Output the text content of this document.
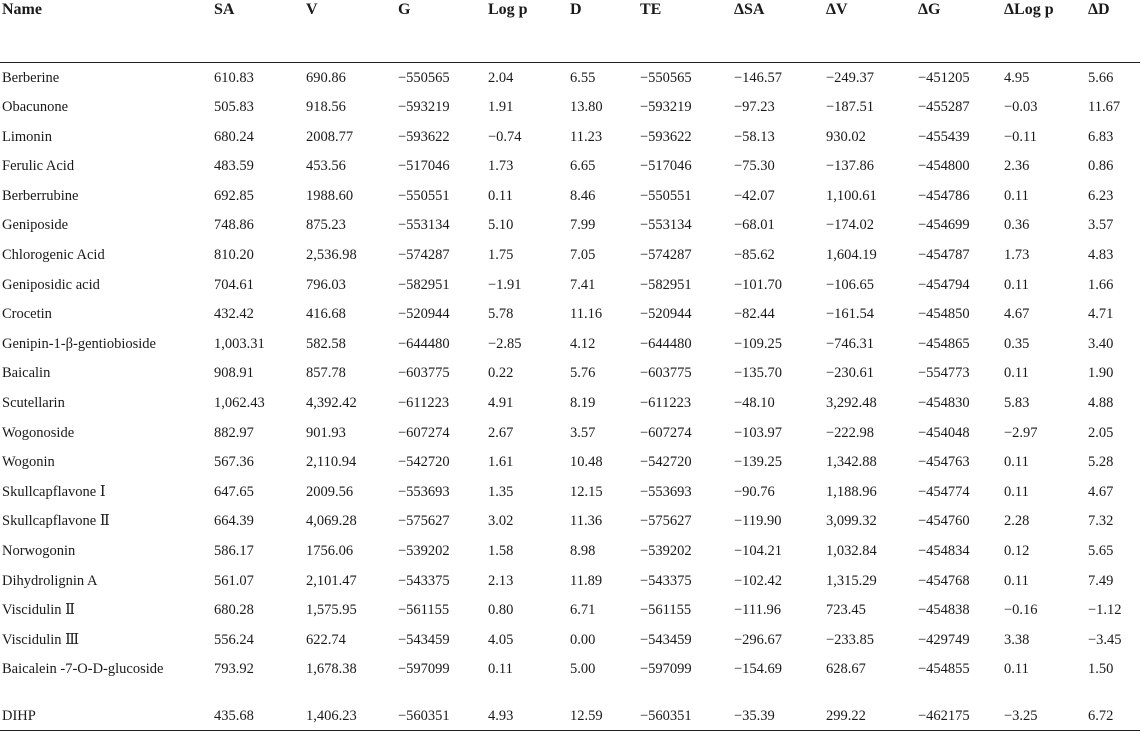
Name	SA	V	G	Log p	D	TE	ΔSA	ΔV	ΔG	ΔLog p	ΔD
Berberine	610.83	690.86	−550565	2.04	6.55	−550565	−146.57	−249.37	−451205	4.95	5.66
Obacunone	505.83	918.56	−593219	1.91	13.80	−593219	−97.23	−187.51	−455287	−0.03	11.67
Limonin	680.24	2008.77	−593622	−0.74	11.23	−593622	−58.13	930.02	−455439	−0.11	6.83
Ferulic Acid	483.59	453.56	−517046	1.73	6.65	−517046	−75.30	−137.86	−454800	2.36	0.86
Berberrubine	692.85	1988.60	−550551	0.11	8.46	−550551	−42.07	1,100.61	−454786	0.11	6.23
Geniposide	748.86	875.23	−553134	5.10	7.99	−553134	−68.01	−174.02	−454699	0.36	3.57
Chlorogenic Acid	810.20	2,536.98	−574287	1.75	7.05	−574287	−85.62	1,604.19	−454787	1.73	4.83
Geniposidic acid	704.61	796.03	−582951	−1.91	7.41	−582951	−101.70	−106.65	−454794	0.11	1.66
Crocetin	432.42	416.68	−520944	5.78	11.16	−520944	−82.44	−161.54	−454850	4.67	4.71
Genipin-1-β-gentiobioside	1,003.31	582.58	−644480	−2.85	4.12	−644480	−109.25	−746.31	−454865	0.35	3.40
Baicalin	908.91	857.78	−603775	0.22	5.76	−603775	−135.70	−230.61	−554773	0.11	1.90
Scutellarin	1,062.43	4,392.42	−611223	4.91	8.19	−611223	−48.10	3,292.48	−454830	5.83	4.88
Wogonoside	882.97	901.93	−607274	2.67	3.57	−607274	−103.97	−222.98	−454048	−2.97	2.05
Wogonin	567.36	2,110.94	−542720	1.61	10.48	−542720	−139.25	1,342.88	−454763	0.11	5.28
Skullcapflavone Ⅰ	647.65	2009.56	−553693	1.35	12.15	−553693	−90.76	1,188.96	−454774	0.11	4.67
Skullcapflavone Ⅱ	664.39	4,069.28	−575627	3.02	11.36	−575627	−119.90	3,099.32	−454760	2.28	7.32
Norwogonin	586.17	1756.06	−539202	1.58	8.98	−539202	−104.21	1,032.84	−454834	0.12	5.65
Dihydrolignin A	561.07	2,101.47	−543375	2.13	11.89	−543375	−102.42	1,315.29	−454768	0.11	7.49
Viscidulin Ⅱ	680.28	1,575.95	−561155	0.80	6.71	−561155	−111.96	723.45	−454838	−0.16	−1.12
Viscidulin Ⅲ	556.24	622.74	−543459	4.05	0.00	−543459	−296.67	−233.85	−429749	3.38	−3.45
Baicalein -7-O-D-glucoside	793.92	1,678.38	−597099	0.11	5.00	−597099	−154.69	628.67	−454855	0.11	1.50
DIHP	435.68	1,406.23	−560351	4.93	12.59	−560351	−35.39	299.22	−462175	−3.25	6.72
